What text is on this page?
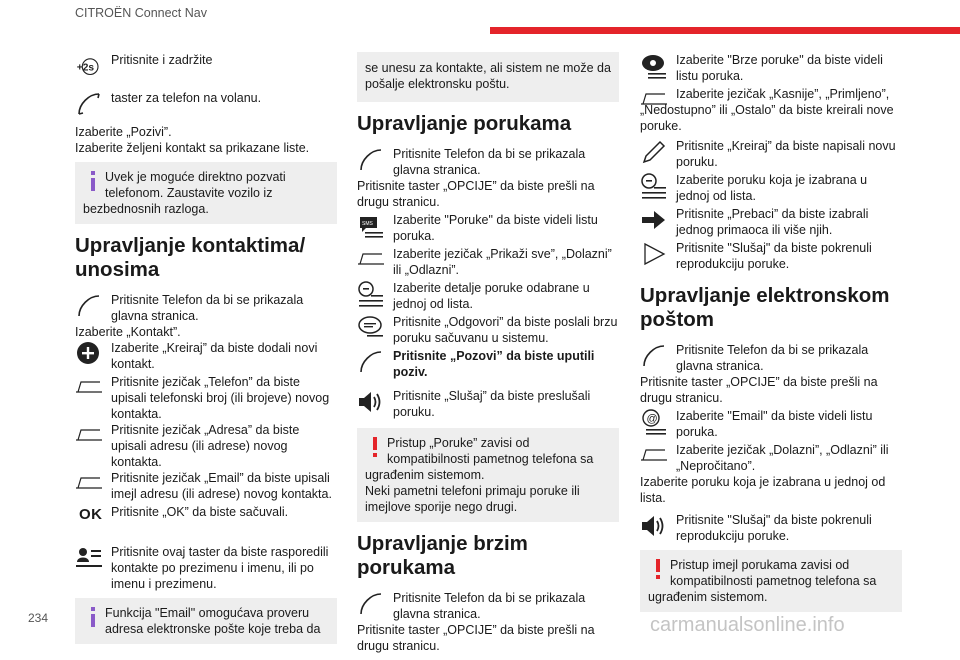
CITROËN Connect Nav
+2s
Pritisnite i zadržite
taster za telefon na volanu.
Izaberite „Pozivi”.
Izaberite željeni kontakt sa prikazane liste.
Uvek je moguće direktno pozvati
telefonom. Zaustavite vozilo iz
bezbednosnih razloga.
Upravljanje kontaktima/ unosima
Pritisnite Telefon da bi se prikazala glavna stranica.
Izaberite „Kontakt”.
Izaberite „Kreiraj” da biste dodali novi kontakt.
Pritisnite jezičak „Telefon” da biste upisali telefonski broj (ili brojeve) novog kontakta.
Pritisnite jezičak „Adresa” da biste upisali adresu (ili adrese) novog kontakta.
Pritisnite jezičak „Email” da biste upisali imejl adresu (ili adrese) novog kontakta.
OK Pritisnite „OK” da biste sačuvali.
Pritisnite ovaj taster da biste rasporedili kontakte po prezimenu i imenu, ili po imenu i prezimenu.
Funkcija "Email" omogućava proveru
adresa elektronske pošte koje treba da
se unesu za kontakte, ali sistem ne može da
pošalje elektronsku poštu.
Upravljanje porukama
Pritisnite Telefon da bi se prikazala glavna stranica.
Pritisnite taster „OPCIJE” da biste prešli na drugu stranicu.
SMS Izaberite "Poruke" da biste videli listu poruka.
Izaberite jezičak „Prikaži sve”, „Dolazni” ili „Odlazni”.
Izaberite detalje poruke odabrane u jednoj od lista.
Pritisnite „Odgovori” da biste poslali brzu poruku sačuvanu u sistemu.
Pritisnite „Pozovi” da biste uputili poziv.
Pritisnite „Slušaj” da biste preslušali poruku.
Pristup „Poruke” zavisi od
kompatibilnosti pametnog telefona sa
ugrađenim sistemom.
Neki pametni telefoni primaju poruke ili
imejlove sporije nego drugi.
Upravljanje brzim porukama
Pritisnite Telefon da bi se prikazala glavna stranica.
Pritisnite taster „OPCIJE” da biste prešli na drugu stranicu.
Izaberite "Brze poruke" da biste videli listu poruka.
Izaberite jezičak „Kasnije”, „Primljeno”, „Nedostupno” ili „Ostalo” da biste kreirali nove poruke.
Pritisnite „Kreiraj” da biste napisali novu poruku.
Izaberite poruku koja je izabrana u jednoj od lista.
Pritisnite „Prebaci” da biste izabrali jednog primaoca ili više njih.
Pritisnite "Slušaj" da biste pokrenuli reprodukciju poruke.
Upravljanje elektronskom poštom
Pritisnite Telefon da bi se prikazala glavna stranica.
Pritisnite taster „OPCIJE” da biste prešli na drugu stranicu.
@ Izaberite "Email" da biste videli listu poruka.
Izaberite jezičak „Dolazni”, „Odlazni” ili „Nepročitano”.
Izaberite poruku koja je izabrana u jednoj od lista.
Pritisnite "Slušaj" da biste pokrenuli reprodukciju poruke.
Pristup imejl porukama zavisi od
kompatibilnosti pametnog telefona sa
ugrađenim sistemom.
234	carmanualsonline.info
